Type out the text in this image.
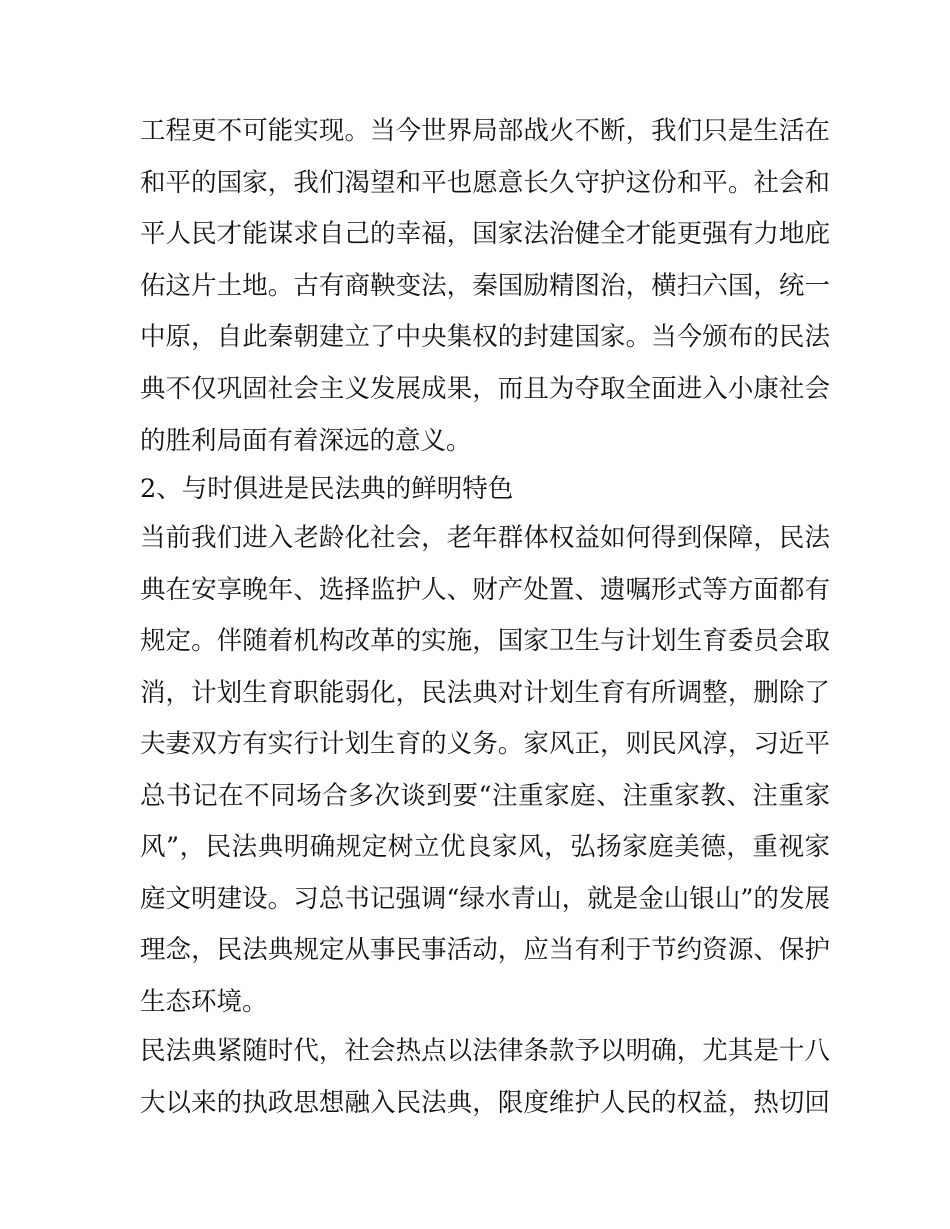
工程更不可能实现。当今世界局部战火不断，我们只是生活在
和平的国家，我们渴望和平也愿意长久守护这份和平。社会和
平人民才能谋求自己的幸福，国家法治健全才能更强有力地庇
佑这片土地。古有商鞅变法，秦国励精图治，横扫六国，统一
中原，自此秦朝建立了中央集权的封建国家。当今颁布的民法
典不仅巩固社会主义发展成果，而且为夺取全面进入小康社会
的胜利局面有着深远的意义。
2、与时俱进是民法典的鲜明特色
当前我们进入老龄化社会，老年群体权益如何得到保障，民法
典在安享晚年、选择监护人、财产处置、遗嘱形式等方面都有
规定。伴随着机构改革的实施，国家卫生与计划生育委员会取
消，计划生育职能弱化，民法典对计划生育有所调整，删除了
夫妻双方有实行计划生育的义务。家风正，则民风淳，习近平
总书记在不同场合多次谈到要“注重家庭、注重家教、注重家
风”，民法典明确规定树立优良家风，弘扬家庭美德，重视家
庭文明建设。习总书记强调“绿水青山，就是金山银山”的发展
理念，民法典规定从事民事活动，应当有利于节约资源、保护
生态环境。
民法典紧随时代，社会热点以法律条款予以明确，尤其是十八
大以来的执政思想融入民法典，限度维护人民的权益，热切回
